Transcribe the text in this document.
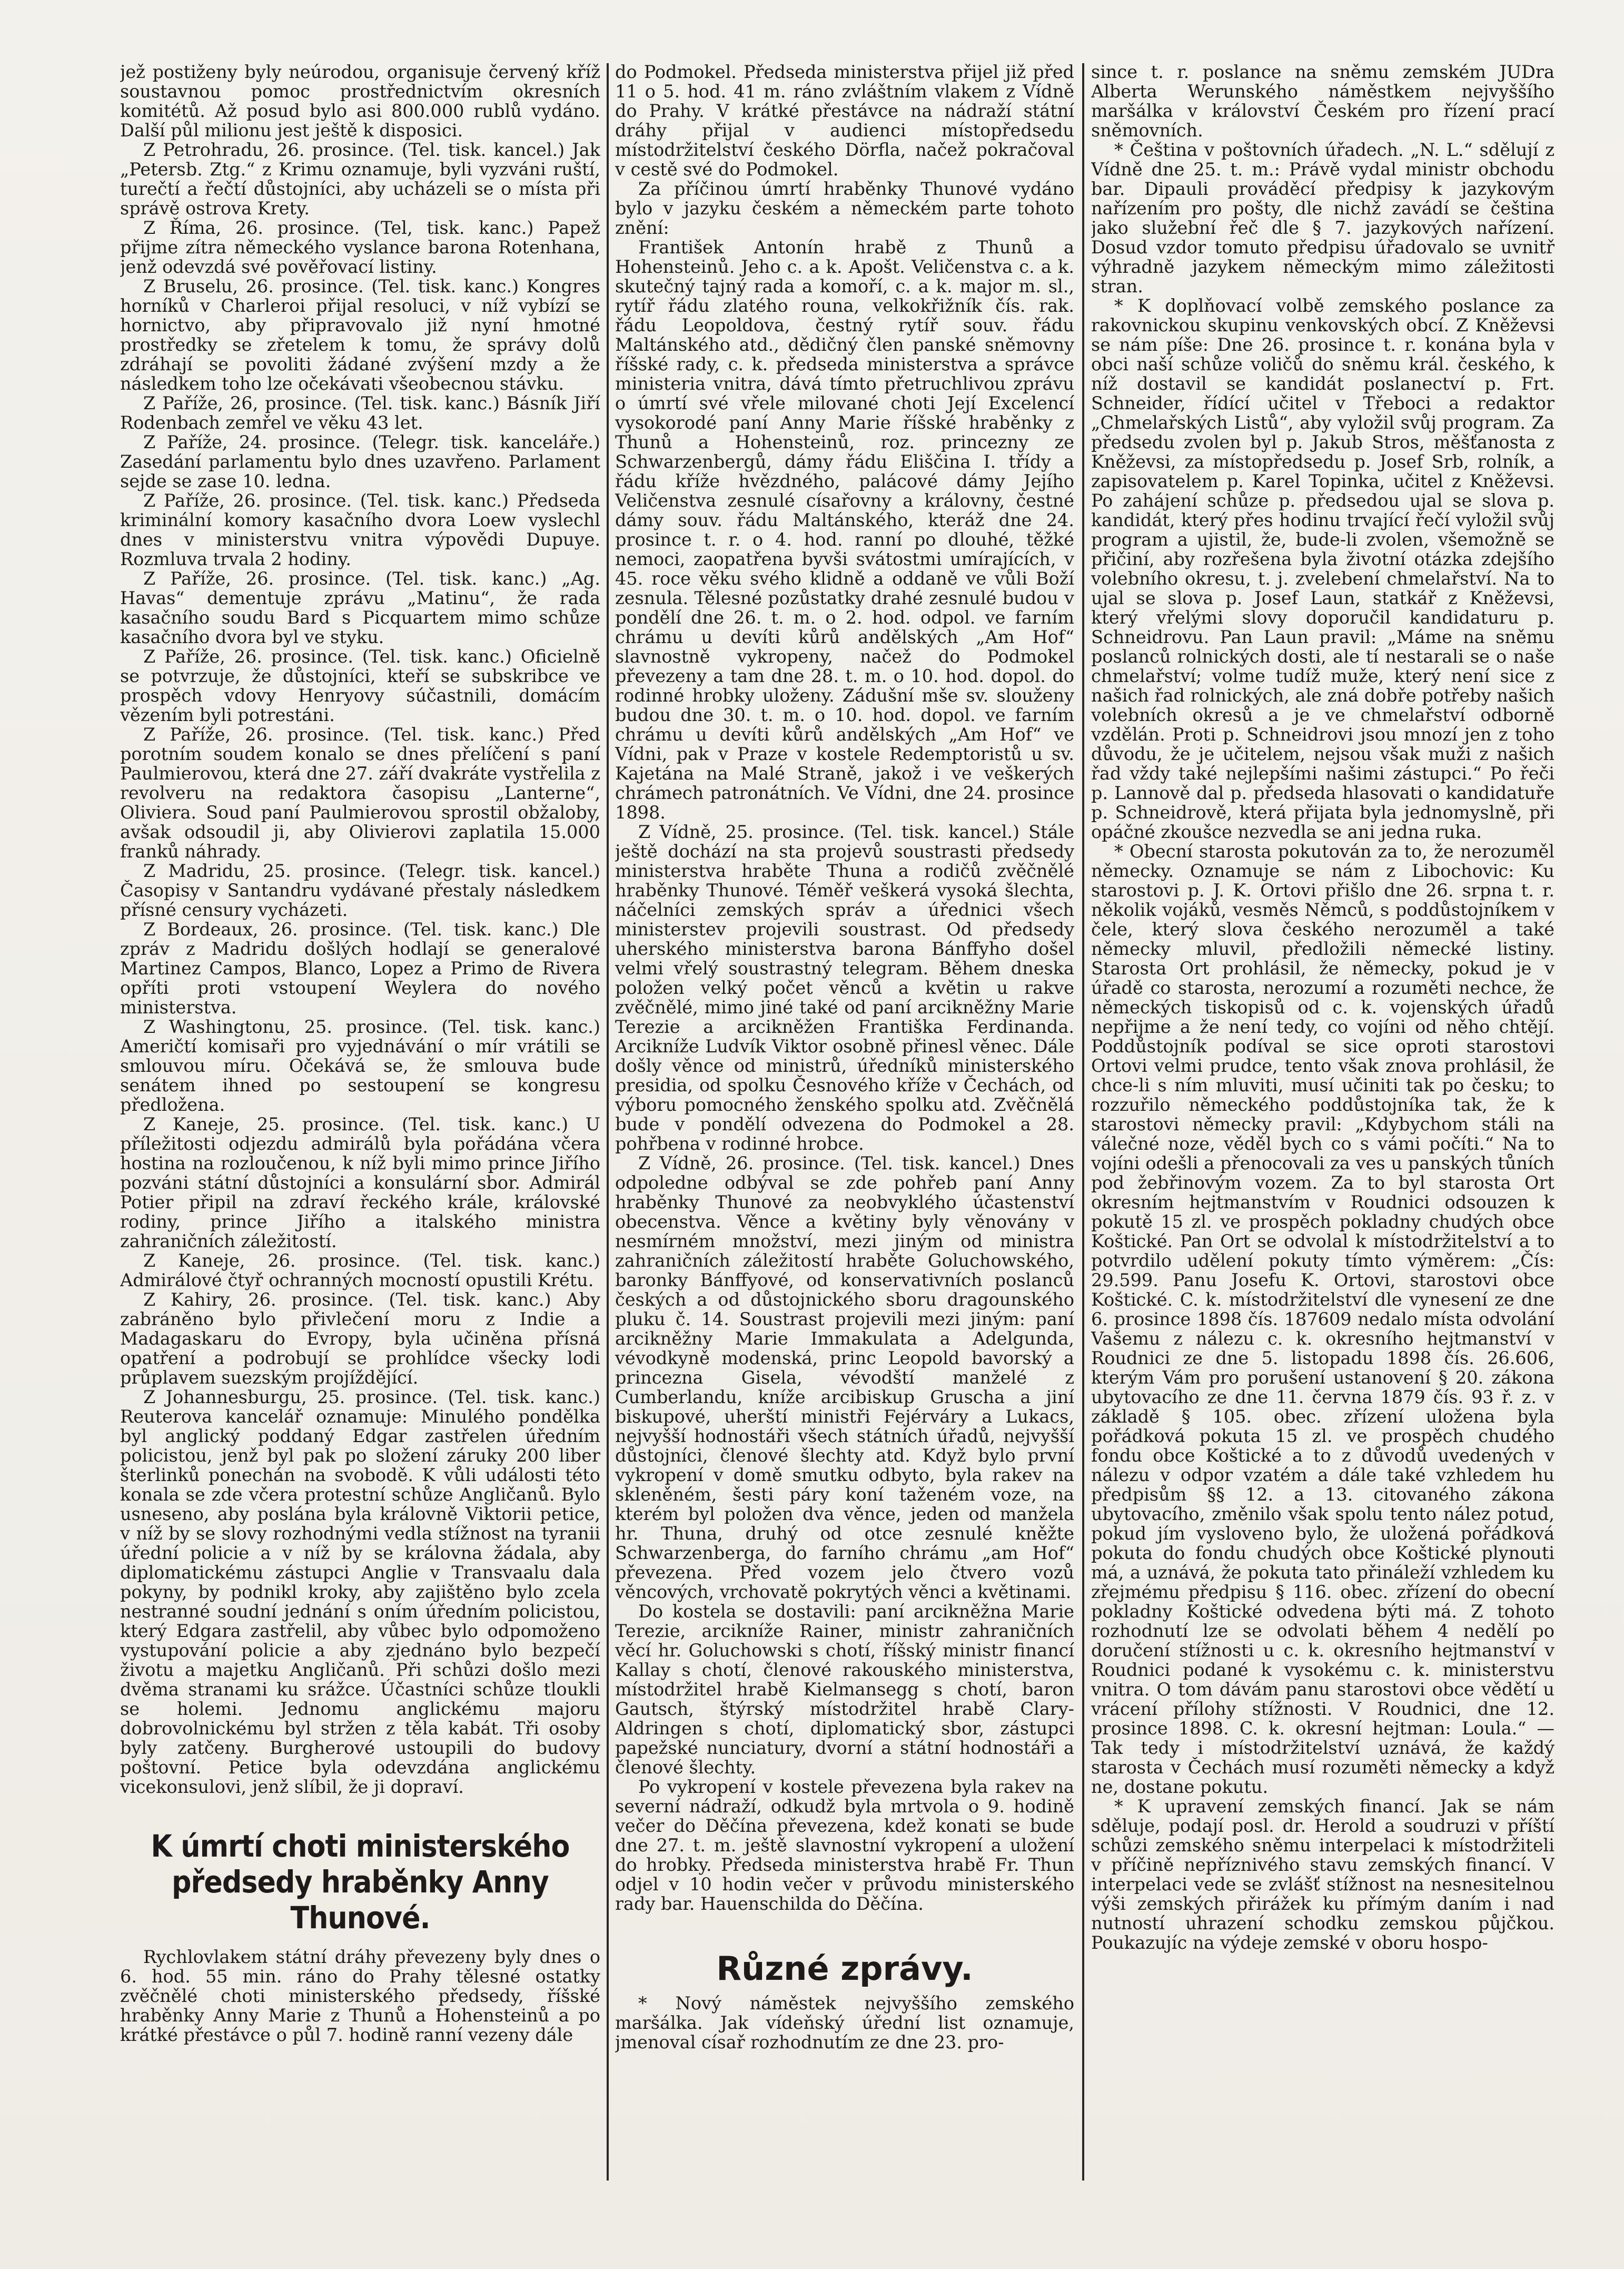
jež postiženy byly neúrodou, organisuje červený kříž soustavnou pomoc prostřednictvím okresních komitétů. Až posud bylo asi 800.000 rublů vydáno. Další půl milionu jest ještě k disposici.

Z Petrohradu, 26. prosince. (Tel. tisk. kancel.) Jak „Petersb. Ztg.“ z Krimu oznamuje, byli vyzváni ruští, turečtí a řečtí důstojníci, aby ucházeli se o místa při správě ostrova Krety.

Z Říma, 26. prosince. (Tel, tisk. kanc.) Papež přijme zítra německého vyslance barona Rotenhana, jenž odevzdá své pověřovací listiny.

Z Bruselu, 26. prosince. (Tel. tisk. kanc.) Kongres horníků v Charleroi přijal resoluci, v níž vybízí se hornictvo, aby připravovalo již nyní hmotné prostředky se zřetelem k tomu, že správy dolů zdráhají se povoliti žádané zvýšení mzdy a že následkem toho lze očekávati všeobecnou stávku.

Z Paříže, 26, prosince. (Tel. tisk. kanc.) Básník Jiří Rodenbach zemřel ve věku 43 let.

Z Paříže, 24. prosince. (Telegr. tisk. kanceláře.) Zasedání parlamentu bylo dnes uzavřeno. Parlament sejde se zase 10. ledna.

Z Paříže, 26. prosince. (Tel. tisk. kanc.) Předseda kriminální komory kasačního dvora Loew vyslechl dnes v ministerstvu vnitra výpovědi Dupuye. Rozmluva trvala 2 hodiny.

Z Paříže, 26. prosince. (Tel. tisk. kanc.) „Ag. Havas“ dementuje zprávu „Matinu“, že rada kasačního soudu Bard s Picquartem mimo schůze kasačního dvora byl ve styku.

Z Paříže, 26. prosince. (Tel. tisk. kanc.) Oficielně se potvrzuje, že důstojníci, kteří se subskribce ve prospěch vdovy Henryovy súčastnili, domácím vězením byli potrestáni.

Z Paříže, 26. prosince. (Tel. tisk. kanc.) Před porotním soudem konalo se dnes přelíčení s paní Paulmierovou, která dne 27. září dvakráte vystřelila z revolveru na redaktora časopisu „Lanterne“, Oliviera. Soud paní Paulmierovou sprostil obžaloby, avšak odsoudil ji, aby Olivierovi zaplatila 15.000 franků náhrady.

Z Madridu, 25. prosince. (Telegr. tisk. kancel.) Časopisy v Santandru vydávané přestaly následkem přísné censury vycházeti.

Z Bordeaux, 26. prosince. (Tel. tisk. kanc.) Dle zpráv z Madridu došlých hodlají se generalové Martinez Campos, Blanco, Lopez a Primo de Rivera opříti proti vstoupení Weylera do nového ministerstva.

Z Washingtonu, 25. prosince. (Tel. tisk. kanc.) Američtí komisaři pro vyjednávání o mír vrátili se smlouvou míru. Očekává se, že smlouva bude senátem ihned po sestoupení se kongresu předložena.

Z Kaneje, 25. prosince. (Tel. tisk. kanc.) U příležitosti odjezdu admirálů byla pořádána včera hostina na rozloučenou, k níž byli mimo prince Jiřího pozváni státní důstojníci a konsulární sbor. Admirál Potier připil na zdraví řeckého krále, královské rodiny, prince Jiřího a italského ministra zahraničních záležitostí.

Z Kaneje, 26. prosince. (Tel. tisk. kanc.) Admirálové čtyř ochranných mocností opustili Krétu.

Z Kahiry, 26. prosince. (Tel. tisk. kanc.) Aby zabráněno bylo přivlečení moru z Indie a Madagaskaru do Evropy, byla učiněna přísná opatření a podrobují se prohlídce všecky lodi průplavem suezským projíždějící.

Z Johannesburgu, 25. prosince. (Tel. tisk. kanc.) Reuterova kancelář oznamuje: Minulého pondělka byl anglický poddaný Edgar zastřelen úředním policistou, jenž byl pak po složení záruky 200 liber šterlinků ponechán na svobodě. K vůli události této konala se zde včera protestní schůze Angličanů. Bylo usneseno, aby poslána byla královně Viktorii petice, v níž by se slovy rozhodnými vedla stížnost na tyranii úřední policie a v níž by se královna žádala, aby diplomatickému zástupci Anglie v Transvaalu dala pokyny, by podnikl kroky, aby zajištěno bylo zcela nestranné soudní jednání s oním úředním policistou, který Edgara zastřelil, aby vůbec bylo odpomoženo vystupování policie a aby zjednáno bylo bezpečí životu a majetku Angličanů. Při schůzi došlo mezi dvěma stranami ku srážce. Účastníci schůze tloukli se holemi. Jednomu anglickému majoru dobrovolnickému byl stržen z těla kabát. Tři osoby byly zatčeny. Burgherové ustoupili do budovy poštovní. Petice byla odevzdána anglickému vicekonsulovi, jenž slíbil, že ji dopraví.

K úmrtí choti ministerského předsedy hraběnky Anny Thunové.

Rychlovlakem státní dráhy převezeny byly dnes o 6. hod. 55 min. ráno do Prahy tělesné ostatky zvěčnělé choti ministerského předsedy, říšské hraběnky Anny Marie z Thunů a Hohensteinů a po krátké přestávce o půl 7. hodině ranní vezeny dále

do Podmokel. Předseda ministerstva přijel již před 11 o 5. hod. 41 m. ráno zvláštním vlakem z Vídně do Prahy. V krátké přestávce na nádraží státní dráhy přijal v audienci místopředsedu místodržitelství českého Dörfla, načež pokračoval v cestě své do Podmokel.

Za příčinou úmrtí hraběnky Thunové vydáno bylo v jazyku českém a německém parte tohoto znění:

František Antonín hrabě z Thunů a Hohensteinů. Jeho c. a k. Apošt. Veličenstva c. a k. skutečný tajný rada a komoří, c. a k. major m. sl., rytíř řádu zlatého rouna, velkokřižník čís. rak. řádu Leopoldova, čestný rytíř souv. řádu Maltánského atd., dědičný člen panské sněmovny říšské rady, c. k. předseda ministerstva a správce ministeria vnitra, dává tímto přetruchlivou zprávu o úmrtí své vřele milované choti Její Excelencí vysokorodé paní Anny Marie říšské hraběnky z Thunů a Hohensteinů, roz. princezny ze Schwarzenbergů, dámy řádu Eliščina I. třídy a řádu kříže hvězdného, palácové dámy Jejího Veličenstva zesnulé císařovny a královny, čestné dámy souv. řádu Maltánského, kteráž dne 24. prosince t. r. o 4. hod. ranní po dlouhé, těžké nemoci, zaopatřena byvši svátostmi umírajících, v 45. roce věku svého klidně a oddaně ve vůli Boží zesnula. Tělesné pozůstatky drahé zesnulé budou v pondělí dne 26. t. m. o 2. hod. odpol. ve farním chrámu u devíti kůrů andělských „Am Hof“ slavnostně vykropeny, načež do Podmokel převezeny a tam dne 28. t. m. o 10. hod. dopol. do rodinné hrobky uloženy. Zádušní mše sv. slouženy budou dne 30. t. m. o 10. hod. dopol. ve farním chrámu u devíti kůrů andělských „Am Hof“ ve Vídni, pak v Praze v kostele Redemptoristů u sv. Kajetána na Malé Straně, jakož i ve veškerých chrámech patronátních. Ve Vídni, dne 24. prosince 1898.

Z Vídně, 25. prosince. (Tel. tisk. kancel.) Stále ještě dochází na sta projevů soustrasti předsedy ministerstva hraběte Thuna a rodičů zvěčnělé hraběnky Thunové. Téměř veškerá vysoká šlechta, náčelníci zemských správ a úřednici všech ministerstev projevili soustrast. Od předsedy uherského ministerstva barona Bánffyho došel velmi vřelý soustrastný telegram. Během dneska položen velký počet věnců a květin u rakve zvěčnělé, mimo jiné také od paní arcikněžny Marie Terezie a arcikněžen Františka Ferdinanda. Arciknížе Ludvík Viktor osobně přinesl věnec. Dále došly věnce od ministrů, úředníků ministerského presidia, od spolku Česnového kříže v Čechách, od výboru pomocného ženského spolku atd. Zvěčnělá bude v pondělí odvezena do Podmokel a 28. pohřbena v rodinné hrobce.

Z Vídně, 26. prosince. (Tel. tisk. kancel.) Dnes odpoledne odbýval se zde pohřeb paní Anny hraběnky Thunové za neobvyklého účastenství obecenstva. Věnce a květiny byly věnovány v nesmírném množství, mezi jiným od ministra zahraničních záležitostí hraběte Goluchowského, baronky Bánffyové, od konservativních poslanců českých a od důstojnického sboru dragounského pluku č. 14. Soustrast projevili mezi jiným: paní arcikněžny Marie Immakulata a Adelgunda, vévodkyně modenská, princ Leopold bavorský a princezna Gisela, vévodští manželé z Cumberlandu, kníže arcibiskup Gruscha a jiní biskupové, uherští ministři Fejérváry a Lukacs, nejvyšší hodnostáři všech státních úřadů, nejvyšší důstojníci, členové šlechty atd. Když bylo první vykropení v domě smutku odbyto, byla rakev na skleněném, šesti páry koní taženém voze, na kterém byl položen dva věnce, jeden od manžela hr. Thuna, druhý od otce zesnulé kněžte Schwarzenberga, do farního chrámu „am Hof“ převezena. Před vozem jelo čtvero vozů věncových, vrchovatě pokrytých věnci a květinami.

Do kostela se dostavili: paní arcikněžna Marie Terezie, arcikníže Rainer, ministr zahraničních věcí hr. Goluchowski s chotí, říšský ministr financí Kallay s chotí, členové rakouského ministerstva, místodržitel hrabě Kielmansegg s chotí, baron Gautsch, štýrský místodržitel hrabě Clary-Aldringen s chotí, diplomatický sbor, zástupci papežské nunciatury, dvorní a státní hodnostáři a členové šlechty.

Po vykropení v kostele převezena byla rakev na severní nádraží, odkudž byla mrtvola o 9. hodině večer do Děčína převezena, kdež konati se bude dne 27. t. m. ještě slavnostní vykropení a uložení do hrobky. Předseda ministerstva hrabě Fr. Thun odjel v 10 hodin večer v průvodu ministerského rady bar. Hauenschilda do Děčína.

Různé zprávy.

* Nový náměstek nejvyššího zemského maršálka. Jak vídeňský úřední list oznamuje, jmenoval císař rozhodnutím ze dne 23. pro-

since t. r. poslance na sněmu zemském JUDra Alberta Werunského náměstkem nejvyššího maršálka v království Českém pro řízení prací sněmovních.

* Čeština v poštovních úřadech. „N. L.“ sdělují z Vídně dne 25. t. m.: Právě vydal ministr obchodu bar. Dipauli prováděcí předpisy k jazykovým nařízením pro pošty, dle nichž zavádí se čeština jako služební řeč dle § 7. jazykových nařízení. Dosud vzdor tomuto předpisu úřadovalo se uvnitř výhradně jazykem německým mimo záležitosti stran.

* K doplňovací volbě zemského poslance za rakovnickou skupinu venkovských obcí. Z Kněževsi se nám píše: Dne 26. prosince t. r. konána byla v obci naší schůze voličů do sněmu král. českého, k níž dostavil se kandidát poslanectví p. Frt. Schneider, řídící učitel v Třeboci a redaktor „Chmelařských Listů“, aby vyložil svůj program. Za předsedu zvolen byl p. Jakub Stros, měšťanosta z Kněževsi, za místopředsedu p. Josef Srb, rolník, a zapisovatelem p. Karel Topinka, učitel z Kněževsi. Po zahájení schůze p. předsedou ujal se slova p. kandidát, který přes hodinu trvající řečí vyložil svůj program a ujistil, že, bude-li zvolen, všemožně se přičiní, aby rozřešena byla životní otázka zdejšího volebního okresu, t. j. zvelebení chmelařství. Na to ujal se slova p. Josef Laun, statkář z Kněževsi, který vřelými slovy doporučil kandidaturu p. Schneidrovu. Pan Laun pravil: „Máme na sněmu poslanců rolnických dosti, ale tí nestarali se o naše chmelařství; volme tudíž muže, který není sice z našich řad rolnických, ale zná dobře potřeby našich volebních okresů a je ve chmelařství odborně vzdělán. Proti p. Schneidrovi jsou mnozí jen z toho důvodu, že je učitelem, nejsou však muži z našich řad vždy také nejlepšími našimi zástupci.“ Po řeči p. Lannově dal p. předseda hlasovati o kandidatuře p. Schneidrově, která přijata byla jednomyslně, při opáčné zkoušce nezvedla se ani jedna ruka.

* Obecní starosta pokutován za to, že nerozuměl německy. Oznamuje se nám z Libochovic: Ku starostovi p. J. K. Ortovi přišlo dne 26. srpna t. r. několik vojáků, vesměs Němců, s poddůstojníkem v čele, který slova českého nerozuměl a také německy mluvil, předložili německé listiny. Starosta Ort prohlásil, že německy, pokud je v úřadě co starosta, nerozumí a rozuměti nechce, že německých tiskopisů od c. k. vojenských úřadů nepřijme a že není tedy, co vojíni od něho chtějí. Poddůstojník podíval se sice oproti starostovi Ortovi velmi prudce, tento však znova prohlásil, že chce-li s ním mluviti, musí učiniti tak po česku; to rozzuřilo německého poddůstojníka tak, že k starostovi německy pravil: „Kdybychom stáli na válečné noze, věděl bych co s vámi počíti.“ Na to vojíni odešli a přenocovali za ves u panských tůních pod žebřinovým vozem. Za to byl starosta Ort okresním hejtmanstvím v Roudnici odsouzen k pokutě 15 zl. ve prospěch pokladny chudých obce Koštické. Pan Ort se odvolal k místodržitelství a to potvrdilo udělení pokuty tímto výměrem: „Čís: 29.599. Panu Josefu K. Ortovi, starostovi obce Koštické. C. k. místodržitelství dle vynesení ze dne 6. prosince 1898 čís. 187609 nedalo místa odvolání Vašemu z nálezu c. k. okresního hejtmanství v Roudnici ze dne 5. listopadu 1898 čís. 26.606, kterým Vám pro porušení ustanovení § 20. zákona ubytovacího ze dne 11. června 1879 čís. 93 ř. z. v základě § 105. obec. zřízení uložena byla pořádková pokuta 15 zl. ve prospěch chudého fondu obce Koštické a to z důvodů uvedených v nálezu v odpor vzatém a dále také vzhledem hu předpisům §§ 12. a 13. citovaného zákona ubytovacího, změnilo však spolu tento nález potud, pokud jím vysloveno bylo, že uložená pořádková pokuta do fondu chudých obce Koštické plynouti má, a uznává, že pokuta tato přináleží vzhledem ku zřejmému předpisu § 116. obec. zřízení do obecní pokladny Koštické odvedena býti má. Z tohoto rozhodnutí lze se odvolati během 4 nedělí po doručení stížnosti u c. k. okresního hejtmanství v Roudnici podané k vysokému c. k. ministerstvu vnitra. O tom dávám panu starostovi obce vědětí u vrácení přílohy stížnosti. V Roudnici, dne 12. prosince 1898. C. k. okresní hejtman: Loula.“ — Tak tedy i místodržitelství uznává, že každý starosta v Čechách musí rozuměti německy a když ne, dostane pokutu.

* K upravení zemských financí. Jak se nám sděluje, podají posl. dr. Herold a soudruzi v příští schůzi zemského sněmu interpelaci k místodržiteli v příčině nepříznivého stavu zemských financí. V interpelaci vede se zvlášť stížnost na nesnesitelnou výši zemských přirážek ku přímým daním i nad nutností uhrazení schodku zemskou půjčkou. Poukazujíc na výdeje zemské v oboru hospo-
